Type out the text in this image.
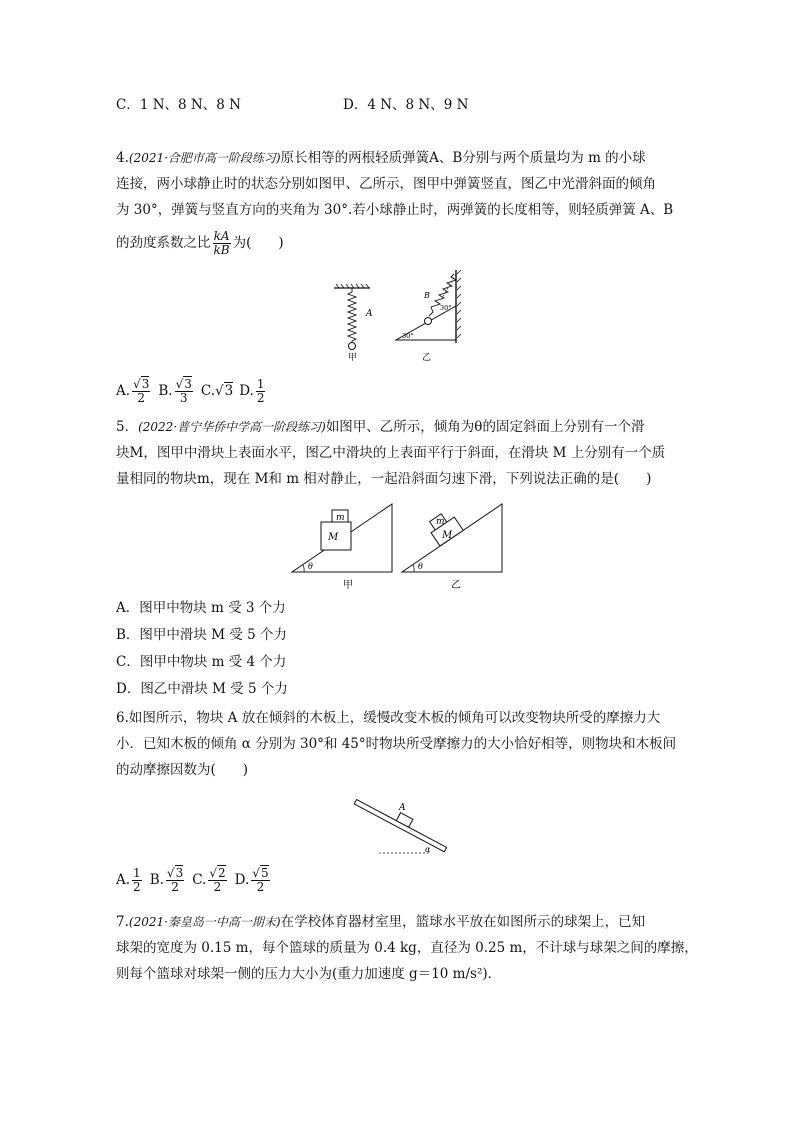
C．1 N、8 N、8 N	D．4 N、8 N、9 N
4.(2021·合肥市高一阶段练习)原长相等的两根轻质弹簧A、B分别与两个质量均为 m 的小球
连接，两小球静止时的状态分别如图甲、乙所示，图甲中弹簧竖直，图乙中光滑斜面的倾角
为 30°，弹簧与竖直方向的夹角为 30°.若小球静止时，两弹簧的长度相等，则轻质弹簧 A、B
的劲度系数之比 $\frac{kA}{kB}$ 为(　　)
A
甲
B
30°
30°
乙
A. $\frac{√3}{2} B$. $\frac{√3}{3} C.√3$ D. $\frac{1}{2}$
5．(2022·普宁华侨中学高一阶段练习)如图甲、乙所示，倾角为θ的固定斜面上分别有一个滑
块M，图甲中滑块上表面水平，图乙中滑块的上表面平行于斜面，在滑块 M 上分别有一个质
量相同的物块m，现在 M和 m 相对静止，一起沿斜面匀速下滑，下列说法正确的是(　　)
m
M
θ
甲
m
M
θ
乙
A．图甲中物块 m 受 3 个力
B．图甲中滑块 M 受 5 个力
C．图甲中物块 m 受 4 个力
D．图乙中滑块 M 受 5 个力
6.如图所示，物块 A 放在倾斜的木板上，缓慢改变木板的倾角可以改变物块所受的摩擦力大
小．已知木板的倾角 α 分别为 30°和 45°时物块所受摩擦力的大小恰好相等，则物块和木板间
的动摩擦因数为(　　)
A
α
A. $\frac{1}{2} B$. $\frac{√3}{2} C$. $\frac{√2}{2} D$. $\frac{√5}{2}$
7.(2021·秦皇岛一中高一期末)在学校体育器材室里，篮球水平放在如图所示的球架上，已知
球架的宽度为 0.15 m，每个篮球的质量为 0.4 kg，直径为 0.25 m，不计球与球架之间的摩擦，
则每个篮球对球架一侧的压力大小为(重力加速度 g＝10 m/s²)．
